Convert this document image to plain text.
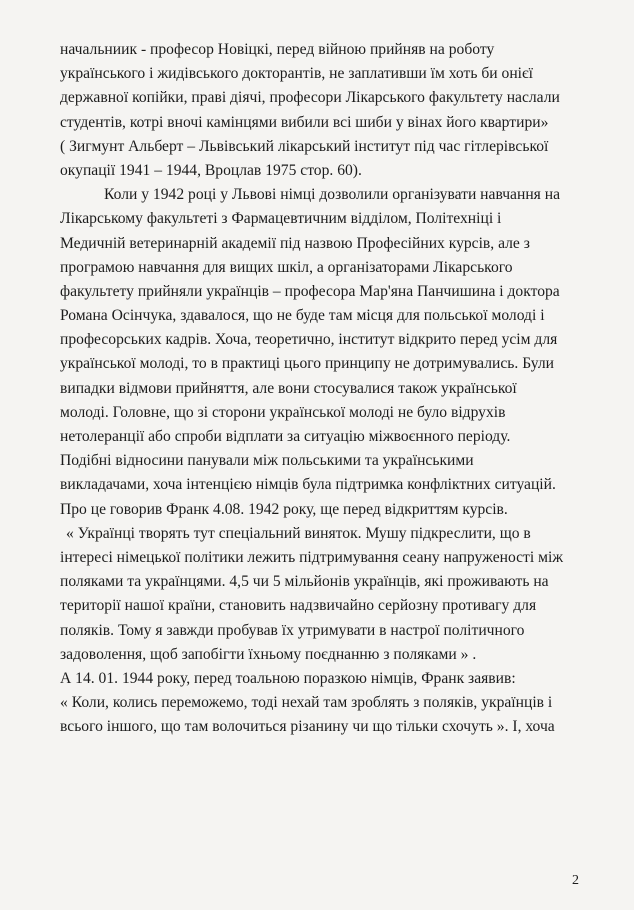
начальниик - професор Новіцкі, перед війною прийняв на роботу
українського і жидівського докторантів, не заплативши їм хоть би онієї
державної копійки, праві діячі, професори Лікарського факультету наслали
студентів, котрі вночі камінцями вибили всі шиби у вінах його квартири»
( Зигмунт Альберт – Львівський лікарський інститут під час гітлерівської
окупації 1941 – 1944, Вроцлав 1975 стор. 60).
Коли у 1942 році у Львові німці дозволили організувати навчання на
Лікарському факультеті з Фармацевтичним відділом, Політехніці і
Медичній ветеринарній академії під назвою Професійних курсів, але з
програмою навчання для вищих шкіл, а організаторами Лікарського
факультету прийняли українців – професора Мар'яна Панчишина і доктора
Романа Осінчука, здавалося, що не буде там місця для польської молоді і
професорських кадрів. Хоча, теоретично, інститут відкрито перед усім для
української молоді, то в практиці цього принципу не дотримувались. Були
випадки відмови прийняття, але вони стосувалися також української
молоді. Головне, що зі сторони української молоді не було відрухів
нетолеранції або спроби відплати за ситуацію міжвоєнного періоду.
Подібні відносини панували між польськими та українськими
викладачами, хоча інтенцією німців була підтримка конфліктних ситуацій.
Про це говорив Франк 4.08. 1942 року, ще перед відкриттям курсів.
« Українці творять тут спеціальний виняток. Мушу підкреслити, що в
інтересі німецької політики лежить підтримування сеану напруженості між
поляками та українцями. 4,5 чи 5 мільйонів українців, які проживають на
території нашої країни, становить надзвичайно серйозну противагу для
поляків. Тому я завжди пробував їх утримувати в настрої політичного
задоволення, щоб запобігти їхньому поєднанню з поляками » .
А 14. 01. 1944 року, перед тоальною поразкою німців, Франк заявив:
« Коли, колись переможемо, тоді нехай там зроблять з поляків, українців і
всього іншого, що там волочиться різанину чи що тільки схочуть ». І, хоча
2
